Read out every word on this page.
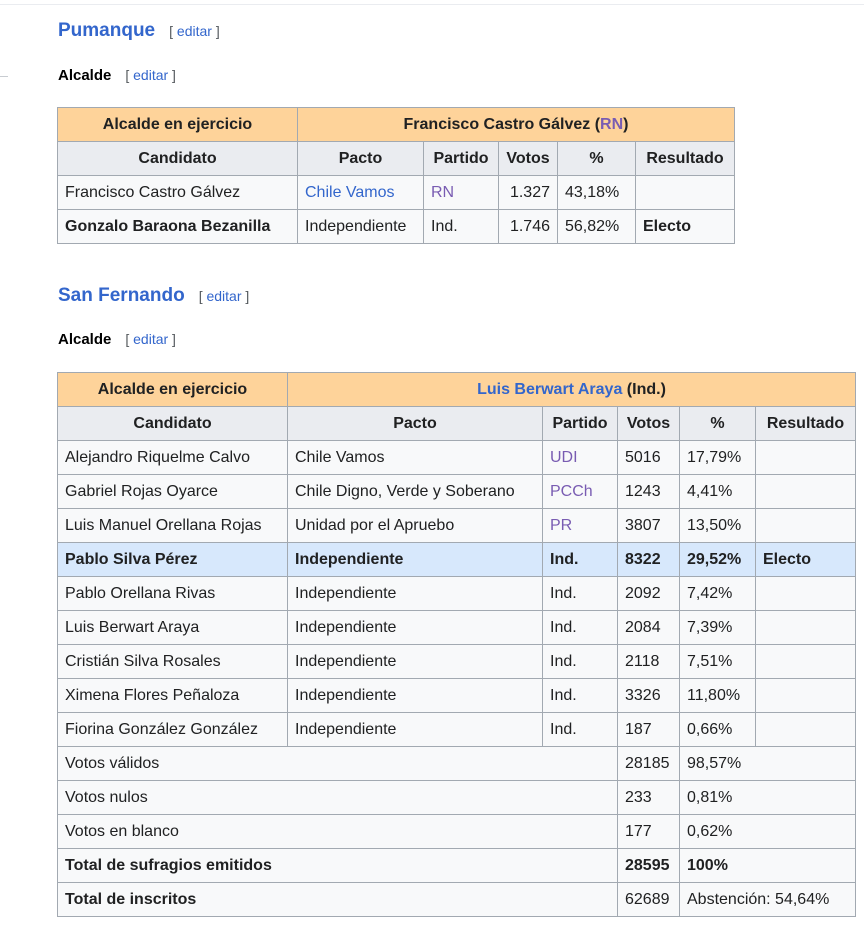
Pumanque [ editar ]
Alcalde [ editar ]
Alcalde en ejercicio	Francisco Castro Gálvez (RN)				
Candidato	Pacto	Partido	Votos	%	Resultado
Francisco Castro Gálvez	Chile Vamos	RN	1.327	43,18%	
Gonzalo Baraona Bezanilla	Independiente	Ind.	1.746	56,82%	Electo
San Fernando [ editar ]
Alcalde [ editar ]
Alcalde en ejercicio	Luis Berwart Araya (Ind.)				
Candidato	Pacto	Partido	Votos	%	Resultado
Alejandro Riquelme Calvo	Chile Vamos	UDI	5016	17,79%	
Gabriel Rojas Oyarce	Chile Digno, Verde y Soberano	PCCh	1243	4,41%	
Luis Manuel Orellana Rojas	Unidad por el Apruebo	PR	3807	13,50%	
Pablo Silva Pérez	Independiente	Ind.	8322	29,52%	Electo
Pablo Orellana Rivas	Independiente	Ind.	2092	7,42%	
Luis Berwart Araya	Independiente	Ind.	2084	7,39%	
Cristián Silva Rosales	Independiente	Ind.	2118	7,51%	
Ximena Flores Peñaloza	Independiente	Ind.	3326	11,80%	
Fiorina González González	Independiente	Ind.	187	0,66%	
Votos válidos			28185	98,57%	
Votos nulos			233	0,81%	
Votos en blanco			177	0,62%	
Total de sufragios emitidos			28595	100%	
Total de inscritos			62689	Abstención: 54,64%	
